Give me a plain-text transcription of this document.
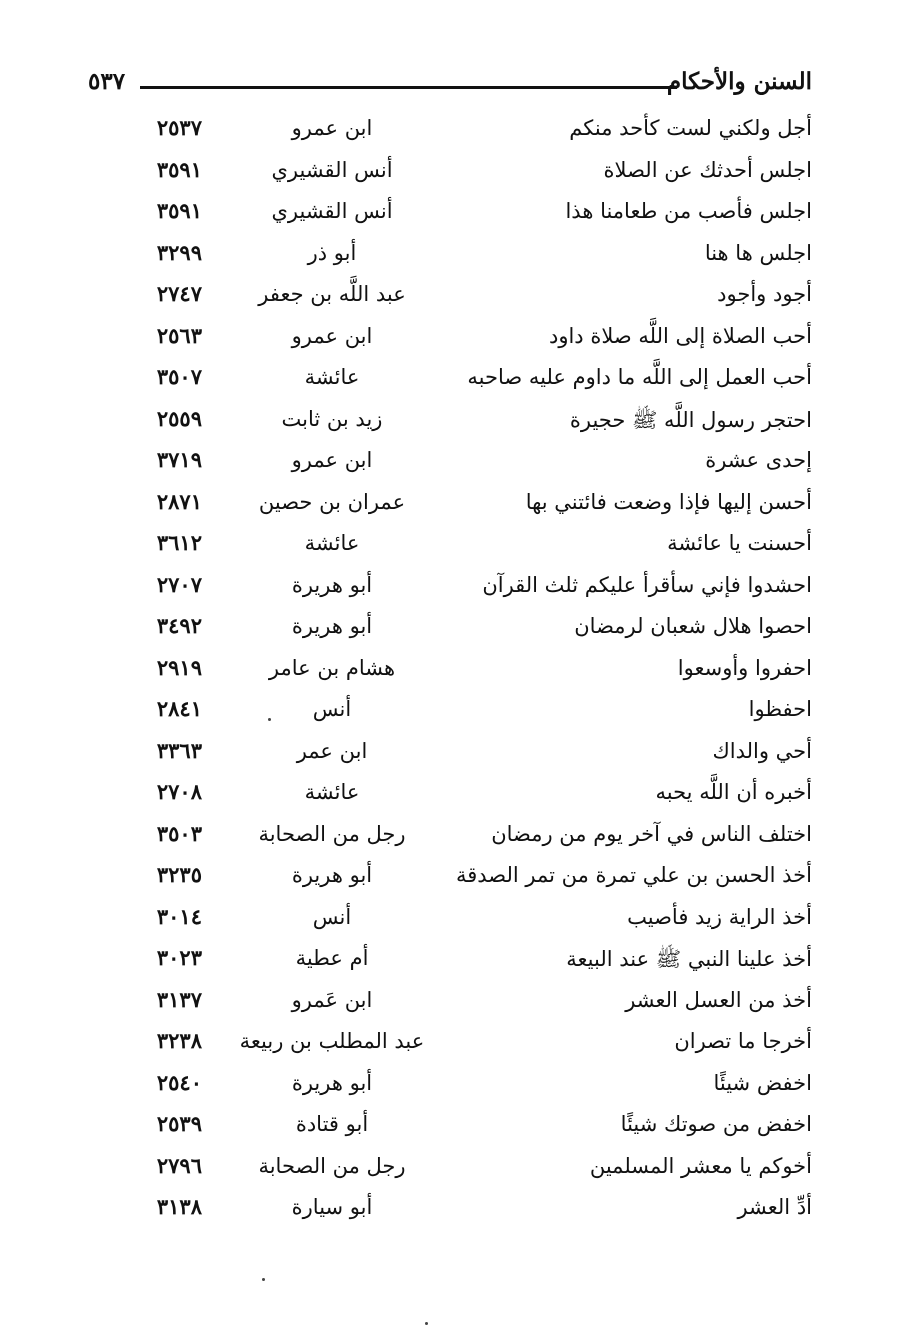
السنن والأحكام
٥٣٧
أجل ولكني لست كأحد منكم
ابن عمرو
٢٥٣٧
اجلس أحدثك عن الصلاة
أنس القشيري
٣٥٩١
اجلس فأصب من طعامنا هذا
أنس القشيري
٣٥٩١
اجلس ها هنا
أبو ذر
٣٢٩٩
أجود وأجود
عبد اللَّه بن جعفر
٢٧٤٧
أحب الصلاة إلى اللَّه صلاة داود
ابن عمرو
٢٥٦٣
أحب العمل إلى اللَّه ما داوم عليه صاحبه
عائشة
٣٥٠٧
احتجر رسول اللَّه ﷺ حجيرة
زيد بن ثابت
٢٥٥٩
إحدى عشرة
ابن عمرو
٣٧١٩
أحسن إليها فإذا وضعت فائتني بها
عمران بن حصين
٢٨٧١
أحسنت يا عائشة
عائشة
٣٦١٢
احشدوا فإني سأقرأ عليكم ثلث القرآن
أبو هريرة
٢٧٠٧
احصوا هلال شعبان لرمضان
أبو هريرة
٣٤٩٢
احفروا وأوسعوا
هشام بن عامر
٢٩١٩
احفظوا
أنس
٢٨٤١
أحي والداك
ابن عمر
٣٣٦٣
أخبره أن اللَّه يحبه
عائشة
٢٧٠٨
اختلف الناس في آخر يوم من رمضان
رجل من الصحابة
٣٥٠٣
أخذ الحسن بن علي تمرة من تمر الصدقة
أبو هريرة
٣٢٣٥
أخذ الراية زيد فأصيب
أنس
٣٠١٤
أخذ علينا النبي ﷺ عند البيعة
أم عطية
٣٠٢٣
أخذ من العسل العشر
ابن عَمرو
٣١٣٧
أخرجا ما تصران
عبد المطلب بن ربيعة
٣٢٣٨
اخفض شيئًا
أبو هريرة
٢٥٤٠
اخفض من صوتك شيئًا
أبو قتادة
٢٥٣٩
أخوكم يا معشر المسلمين
رجل من الصحابة
٢٧٩٦
أدِّ العشر
أبو سيارة
٣١٣٨
